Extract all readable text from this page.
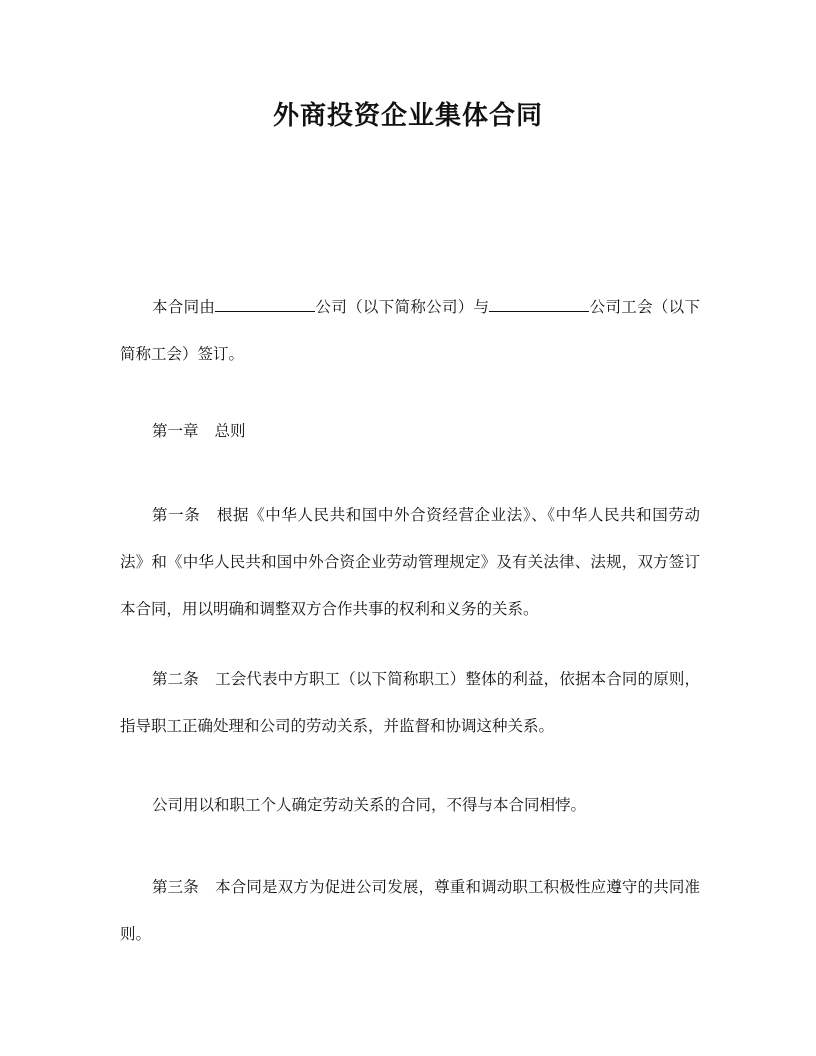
外商投资企业集体合同

本合同由	公司（以下简称公司）与	公司工会（以下简称工会）签订。

第一章 总则

第一条 根据《中华人民共和国中外合资经营企业法》、《中华人民共和国劳动法》和《中华人民共和国中外合资企业劳动管理规定》及有关法律、法规，双方签订本合同，用以明确和调整双方合作共事的权利和义务的关系。

第二条 工会代表中方职工（以下简称职工）整体的利益，依据本合同的原则，指导职工正确处理和公司的劳动关系，并监督和协调这种关系。

公司用以和职工个人确定劳动关系的合同，不得与本合同相悖。

第三条 本合同是双方为促进公司发展，尊重和调动职工积极性应遵守的共同准则。
